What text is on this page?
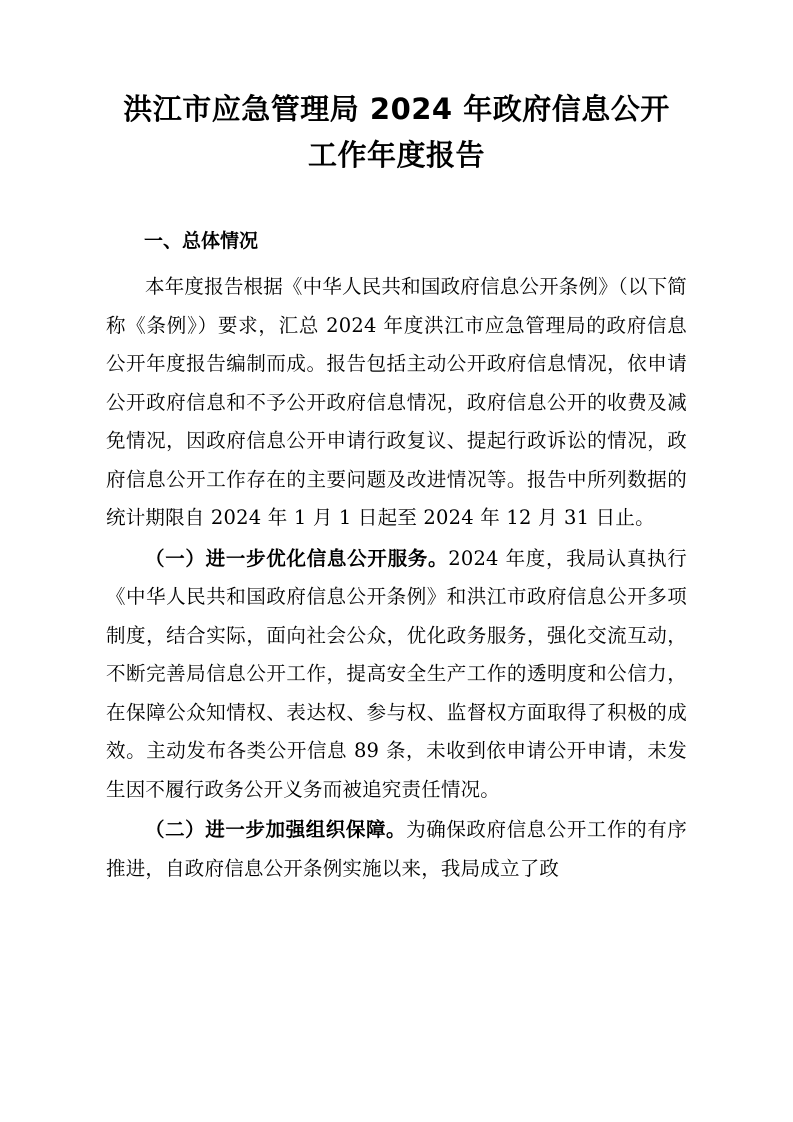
洪江市应急管理局 2024 年政府信息公开工作年度报告
一、总体情况

本年度报告根据《中华人民共和国政府信息公开条例》（以下简称《条例》）要求，汇总 2024 年度洪江市应急管理局的政府信息公开年度报告编制而成。报告包括主动公开政府信息情况，依申请公开政府信息和不予公开政府信息情况，政府信息公开的收费及减免情况，因政府信息公开申请行政复议、提起行政诉讼的情况，政府信息公开工作存在的主要问题及改进情况等。报告中所列数据的统计期限自 2024 年 1 月 1 日起至 2024 年 12 月 31 日止。

（一）进一步优化信息公开服务。2024 年度，我局认真执行《中华人民共和国政府信息公开条例》和洪江市政府信息公开多项制度，结合实际，面向社会公众，优化政务服务，强化交流互动，不断完善局信息公开工作，提高安全生产工作的透明度和公信力，在保障公众知情权、表达权、参与权、监督权方面取得了积极的成效。主动发布各类公开信息 89 条，未收到依申请公开申请，未发生因不履行政务公开义务而被追究责任情况。

（二）进一步加强组织保障。为确保政府信息公开工作的有序推进，自政府信息公开条例实施以来，我局成立了政
